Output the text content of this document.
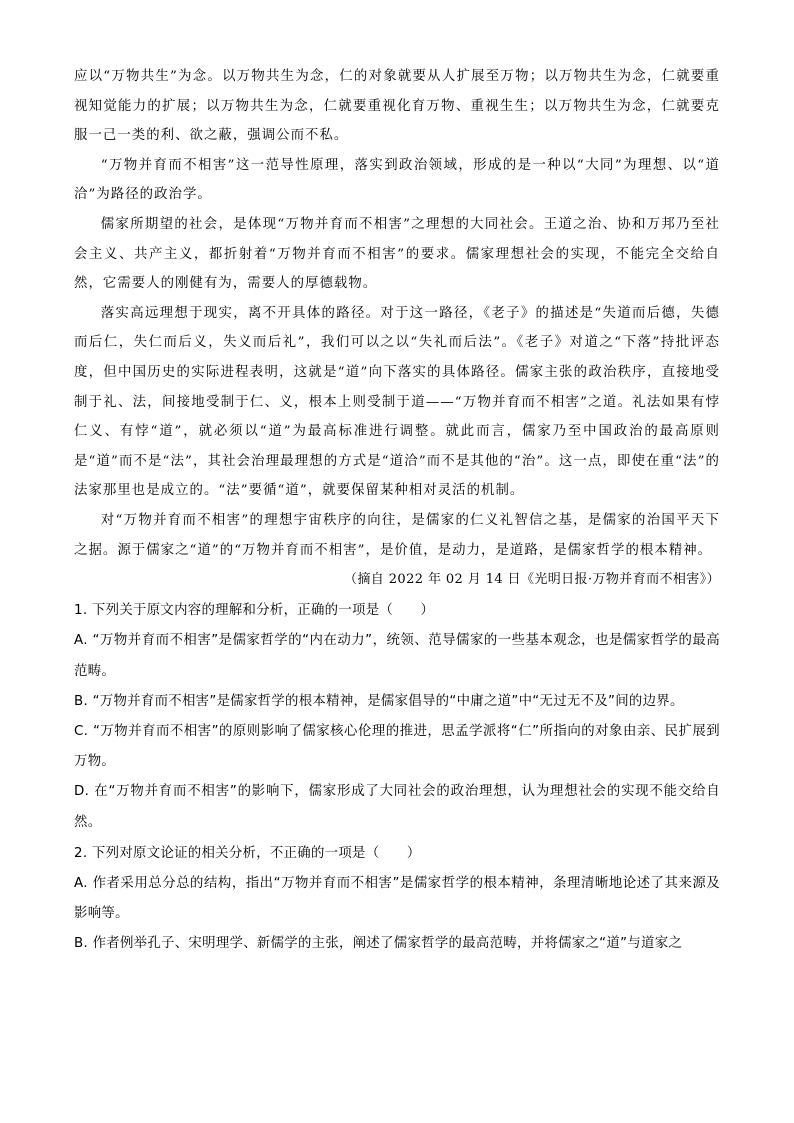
应以“万物共生”为念。以万物共生为念，仁的对象就要从人扩展至万物；以万物共生为念，仁就要重视知觉能力的扩展；以万物共生为念，仁就要重视化育万物、重视生生；以万物共生为念，仁就要克服一己一类的利、欲之蔽，强调公而不私。

“万物并育而不相害”这一范导性原理，落实到政治领域，形成的是一种以“大同”为理想、以“道洽”为路径的政治学。

儒家所期望的社会，是体现“万物并育而不相害”之理想的大同社会。王道之治、协和万邦乃至社会主义、共产主义，都折射着“万物并育而不相害”的要求。儒家理想社会的实现，不能完全交给自然，它需要人的刚健有为，需要人的厚德载物。

落实高远理想于现实，离不开具体的路径。对于这一路径，《老子》的描述是“失道而后德，失德而后仁，失仁而后义，失义而后礼”，我们可以之以“失礼而后法”。《老子》对道之“下落”持批评态度，但中国历史的实际进程表明，这就是“道”向下落实的具体路径。儒家主张的政治秩序，直接地受制于礼、法，间接地受制于仁、义，根本上则受制于道——“万物并育而不相害”之道。礼法如果有悖仁义、有悖“道”，就必须以“道”为最高标准进行调整。就此而言，儒家乃至中国政治的最高原则是“道”而不是“法”，其社会治理最理想的方式是“道洽”而不是其他的“治”。这一点，即使在重“法”的法家那里也是成立的。“法”要循“道”，就要保留某种相对灵活的机制。

对“万物并育而不相害”的理想宇宙秩序的向往，是儒家的仁义礼智信之基，是儒家的治国平天下之据。源于儒家之“道”的“万物并育而不相害”，是价值，是动力，是道路，是儒家哲学的根本精神。

（摘自 2022 年 02 月 14 日《光明日报·万物并育而不相害》）

1. 下列关于原文内容的理解和分析，正确的一项是（　　）

A. “万物并育而不相害”是儒家哲学的“内在动力”，统领、范导儒家的一些基本观念，也是儒家哲学的最高范畴。

B. “万物并育而不相害”是儒家哲学的根本精神，是儒家倡导的“中庸之道”中“无过无不及”间的边界。

C. “万物并育而不相害”的原则影响了儒家核心伦理的推进，思孟学派将“仁”所指向的对象由亲、民扩展到万物。

D. 在“万物并育而不相害”的影响下，儒家形成了大同社会的政治理想，认为理想社会的实现不能交给自然。

2. 下列对原文论证的相关分析，不正确的一项是（　　）

A. 作者采用总分总的结构，指出“万物并育而不相害”是儒家哲学的根本精神，条理清晰地论述了其来源及影响等。

B. 作者例举孔子、宋明理学、新儒学的主张，阐述了儒家哲学的最高范畴，并将儒家之“道”与道家之
